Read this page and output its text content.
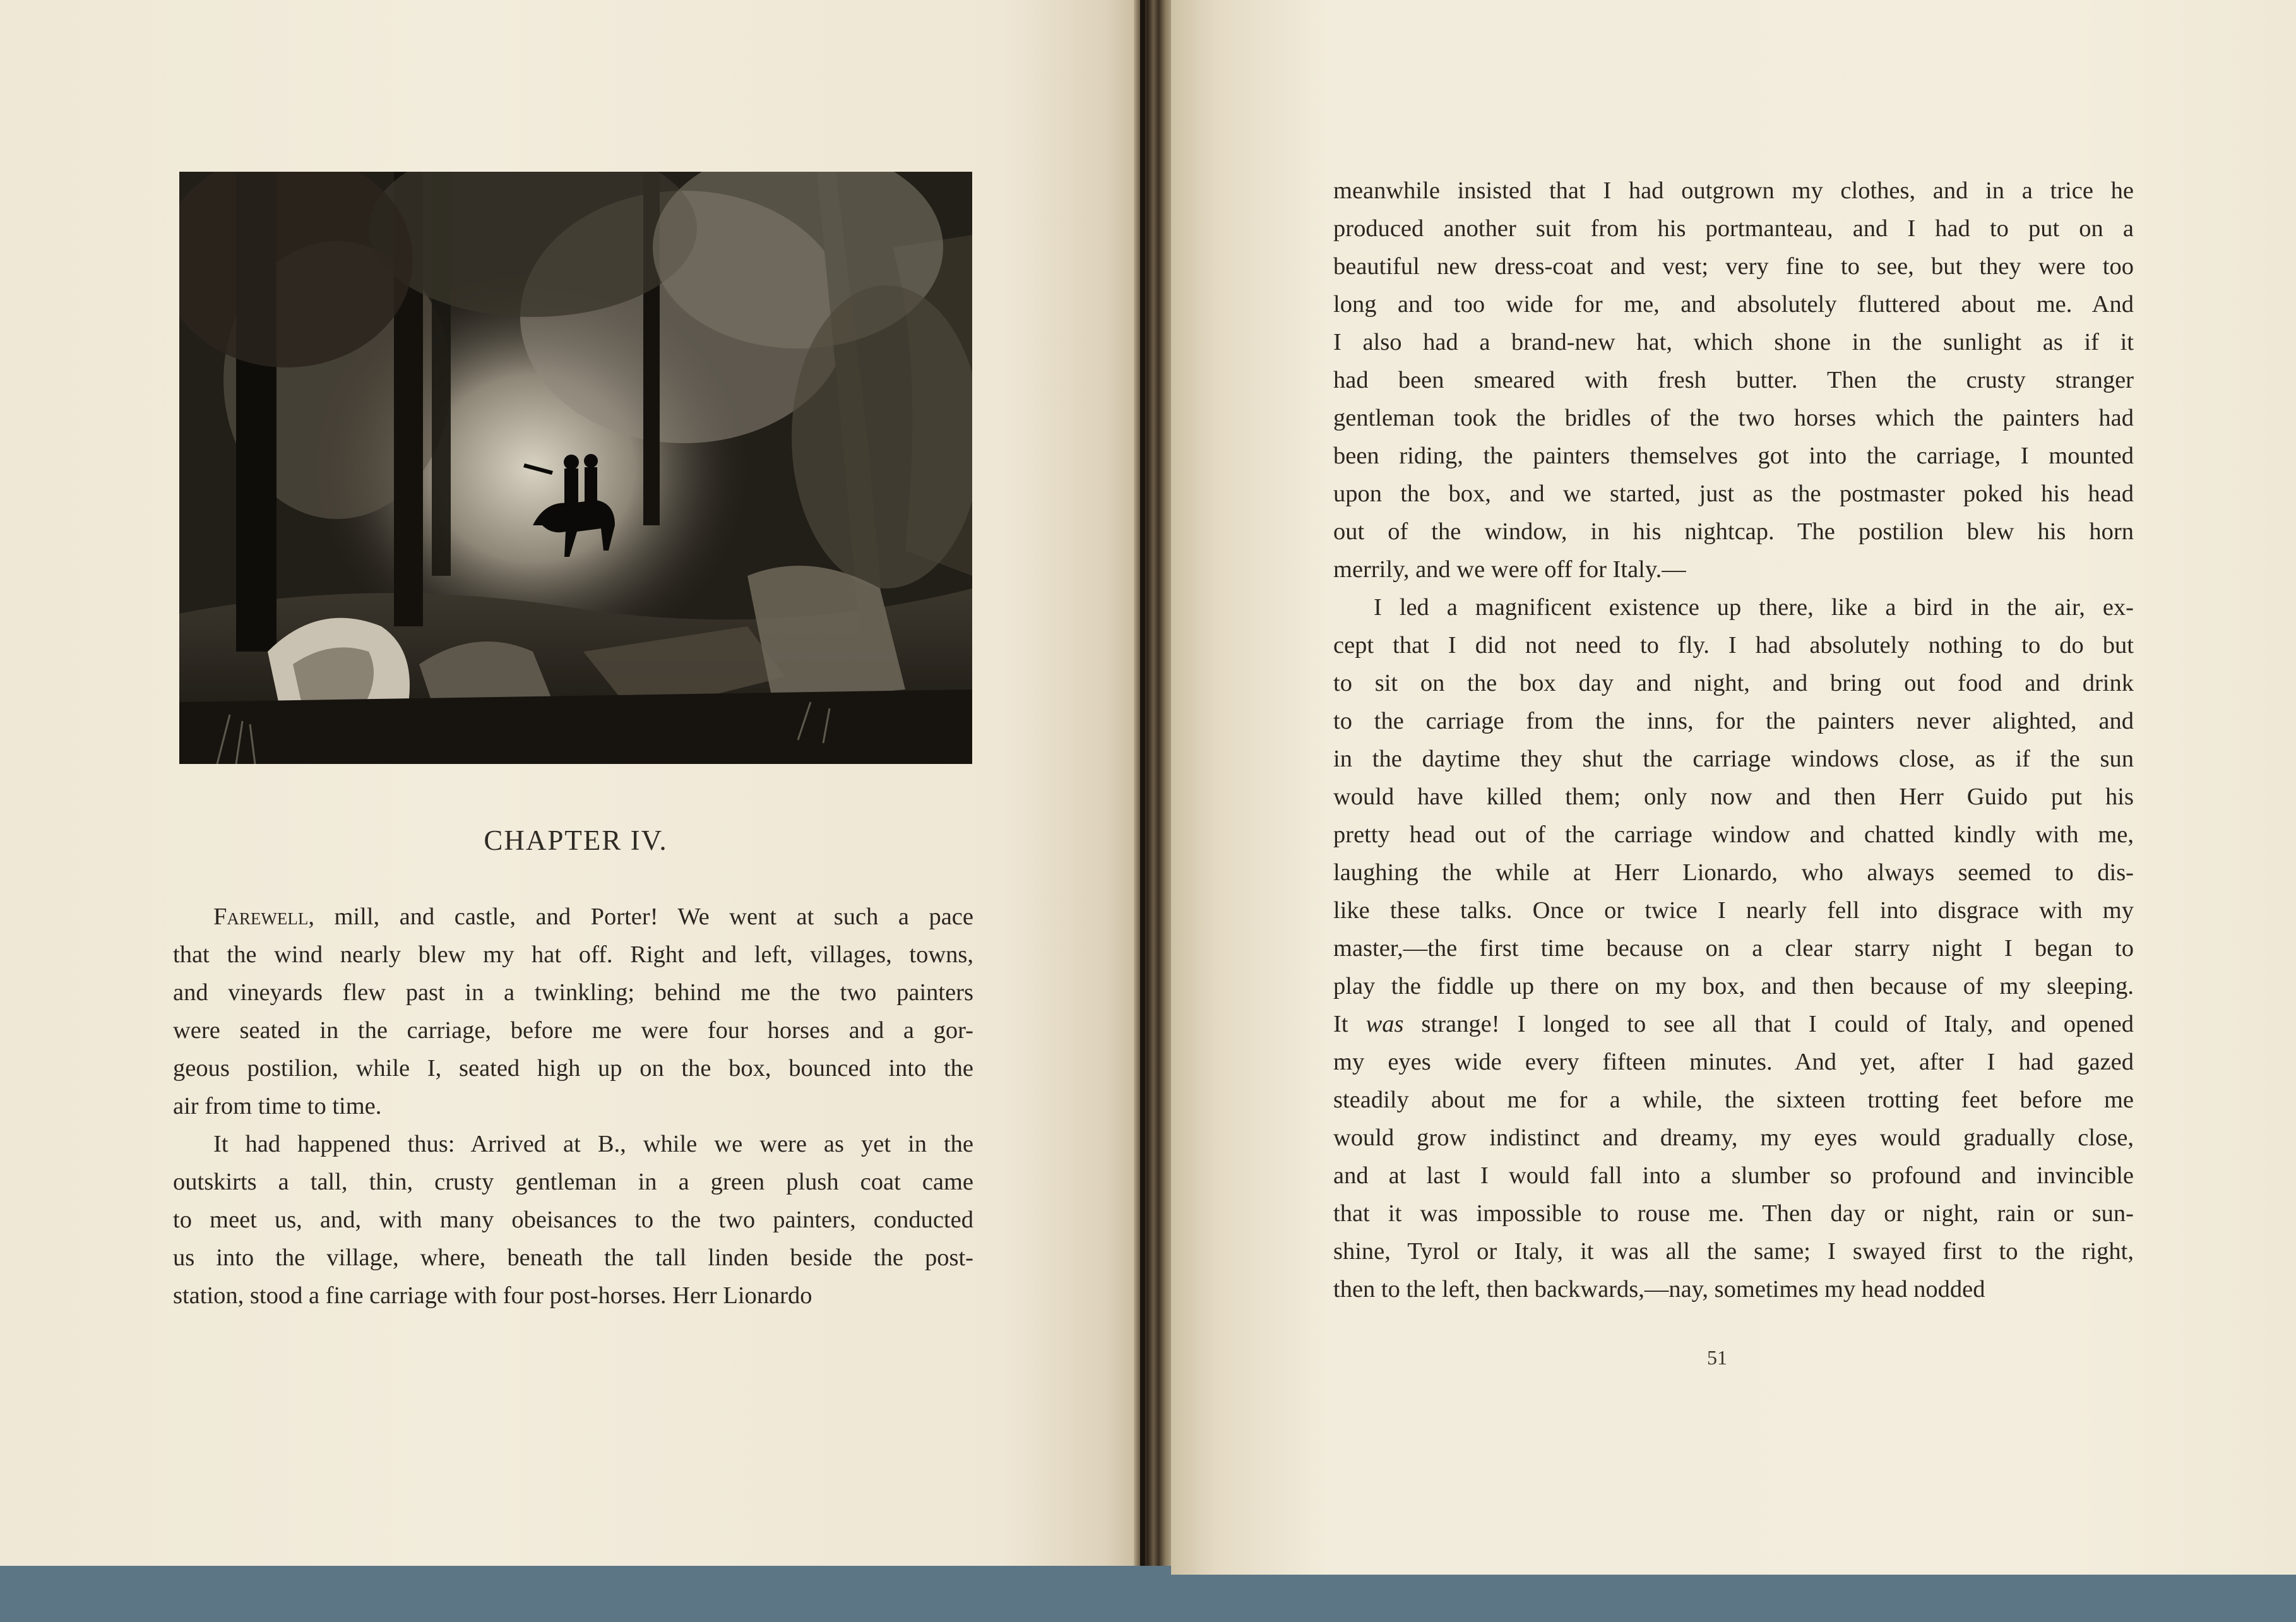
CHAPTER IV.
Farewell, mill, and castle, and Porter! We went at such a pace
that the wind nearly blew my hat off. Right and left, villages, towns,
and vineyards flew past in a twinkling; behind me the two painters
were seated in the carriage, before me were four horses and a gor-
geous postilion, while I, seated high up on the box, bounced into the
air from time to time.
It had happened thus: Arrived at B., while we were as yet in the
outskirts a tall, thin, crusty gentleman in a green plush coat came
to meet us, and, with many obeisances to the two painters, conducted
us into the village, where, beneath the tall linden beside the post-
station, stood a fine carriage with four post-horses. Herr Lionardo
meanwhile insisted that I had outgrown my clothes, and in a trice he
produced another suit from his portmanteau, and I had to put on a
beautiful new dress-coat and vest; very fine to see, but they were too
long and too wide for me, and absolutely fluttered about me. And
I also had a brand-new hat, which shone in the sunlight as if it
had been smeared with fresh butter. Then the crusty stranger
gentleman took the bridles of the two horses which the painters had
been riding, the painters themselves got into the carriage, I mounted
upon the box, and we started, just as the postmaster poked his head
out of the window, in his nightcap. The postilion blew his horn
merrily, and we were off for Italy.—
I led a magnificent existence up there, like a bird in the air, ex-
cept that I did not need to fly. I had absolutely nothing to do but
to sit on the box day and night, and bring out food and drink
to the carriage from the inns, for the painters never alighted, and
in the daytime they shut the carriage windows close, as if the sun
would have killed them; only now and then Herr Guido put his
pretty head out of the carriage window and chatted kindly with me,
laughing the while at Herr Lionardo, who always seemed to dis-
like these talks. Once or twice I nearly fell into disgrace with my
master,—the first time because on a clear starry night I began to
play the fiddle up there on my box, and then because of my sleeping.
It was strange! I longed to see all that I could of Italy, and opened
my eyes wide every fifteen minutes. And yet, after I had gazed
steadily about me for a while, the sixteen trotting feet before me
would grow indistinct and dreamy, my eyes would gradually close,
and at last I would fall into a slumber so profound and invincible
that it was impossible to rouse me. Then day or night, rain or sun-
shine, Tyrol or Italy, it was all the same; I swayed first to the right,
then to the left, then backwards,—nay, sometimes my head nodded
51
